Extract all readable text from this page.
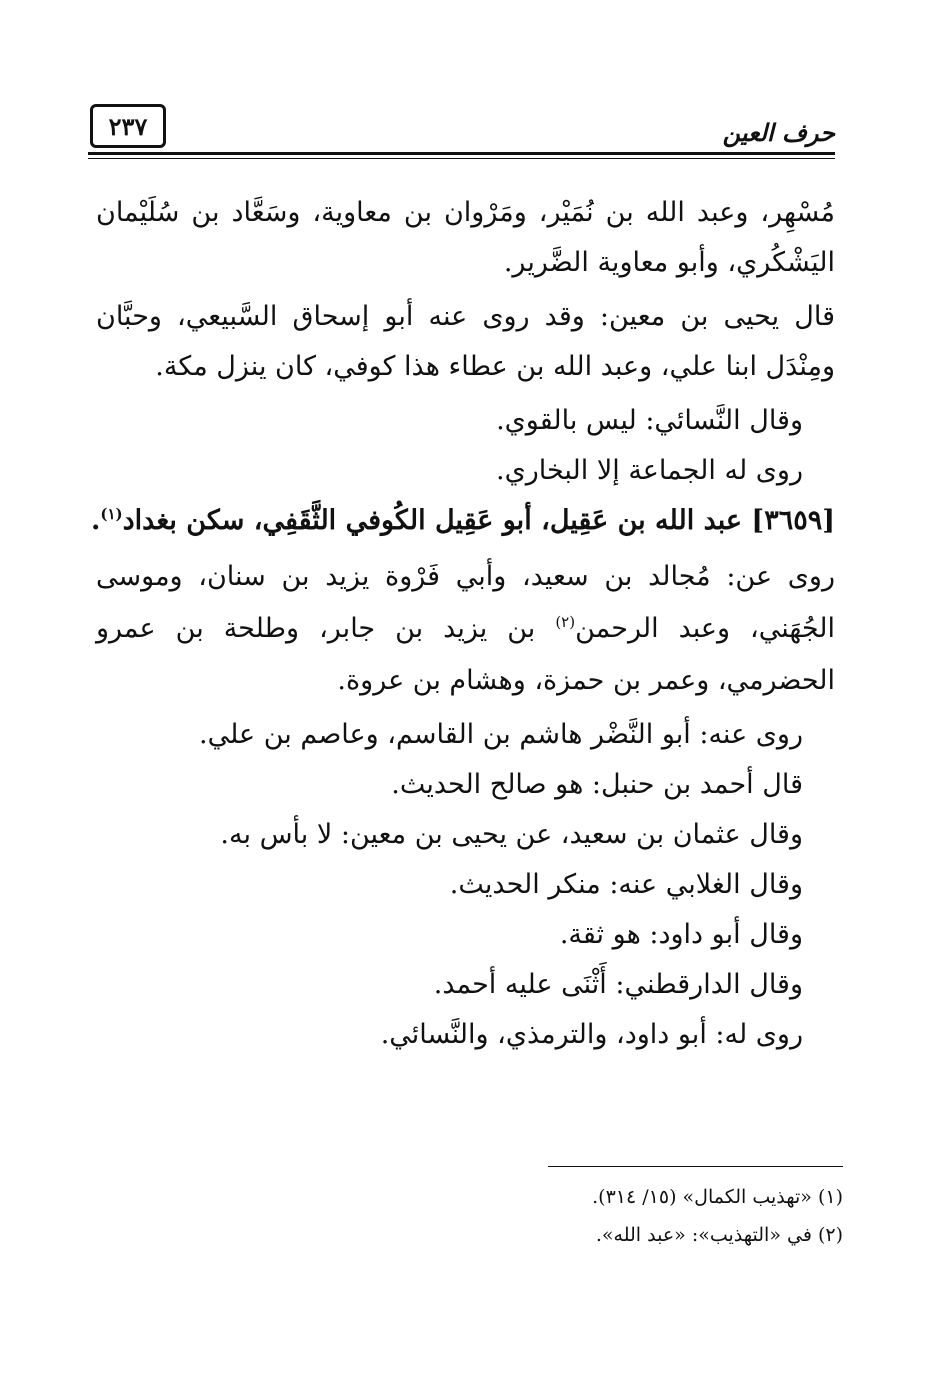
حرف العين
٢٣٧
مُسْهِر، وعبد الله بن نُمَيْر، ومَرْوان بن معاوية، وسَعَّاد بن سُلَيْمان
اليَشْكُري، وأبو معاوية الضَّرير.
قال يحيى بن معين: وقد روى عنه أبو إسحاق السَّبيعي، وحبَّان
ومِنْدَل ابنا علي، وعبد الله بن عطاء هذا كوفي، كان ينزل مكة.
وقال النَّسائي: ليس بالقوي.
روى له الجماعة إلا البخاري.
[٣٦٥٩] عبد الله بن عَقِيل، أبو عَقِيل الكُوفي الثَّقَفِي، سكن بغداد$^{(١)}$.
روى عن: مُجالد بن سعيد، وأبي فَرْوة يزيد بن سنان، وموسى
الجُهَني، وعبد الرحمن$^{(٢)}$ بن يزيد بن جابر، وطلحة بن عمرو
الحضرمي، وعمر بن حمزة، وهشام بن عروة.
روى عنه: أبو النَّضْر هاشم بن القاسم، وعاصم بن علي.
قال أحمد بن حنبل: هو صالح الحديث.
وقال عثمان بن سعيد، عن يحيى بن معين: لا بأس به.
وقال الغلابي عنه: منكر الحديث.
وقال أبو داود: هو ثقة.
وقال الدارقطني: أَثْنَى عليه أحمد.
روى له: أبو داود، والترمذي، والنَّسائي.
(١) «تهذيب الكمال» (١٥/ ٣١٤).
(٢) في «التهذيب»: «عبد الله».
